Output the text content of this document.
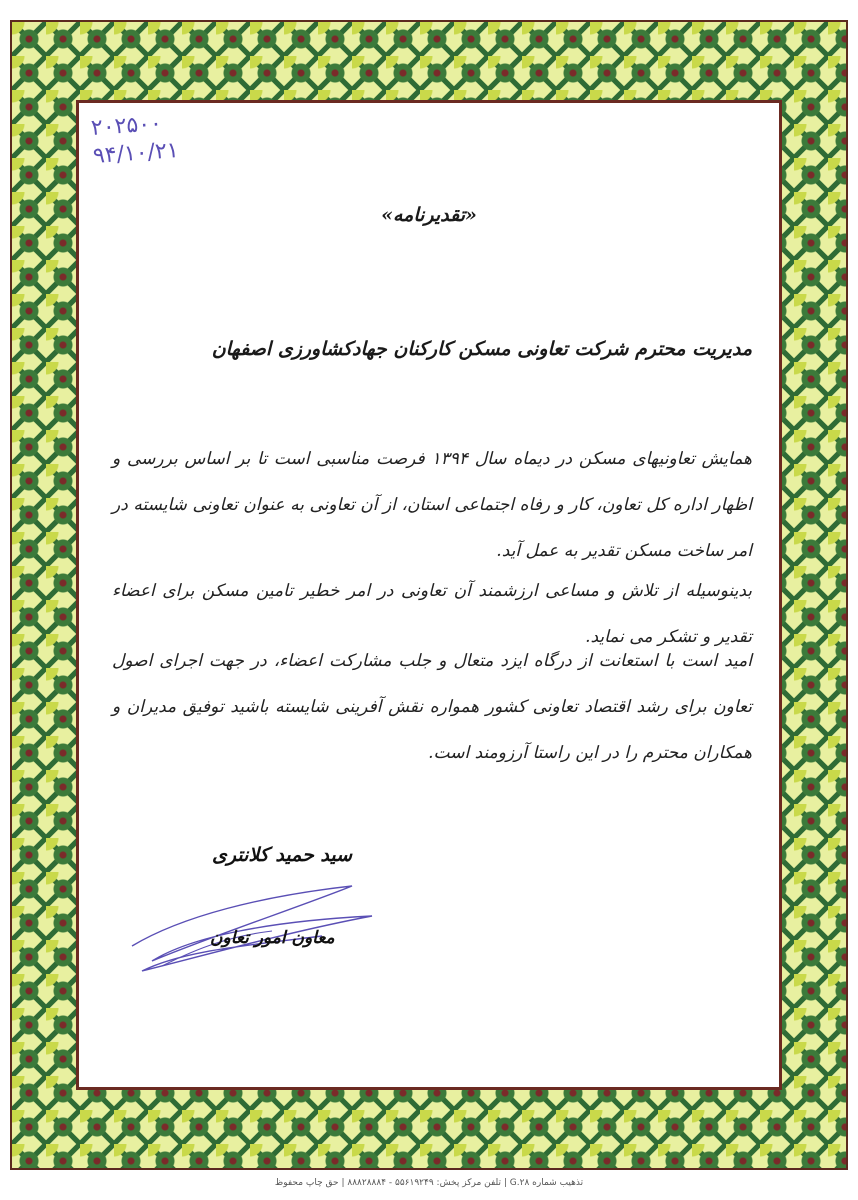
۲۰۲۵۰۰
۹۴/۱۰/۲۱
«تقدیرنامه»
مدیریت محترم شرکت تعاونی مسکن کارکنان جهادکشاورزی اصفهان
همایش تعاونیهای مسکن در دیماه سال ۱۳۹۴ فرصت مناسبی است تا بر اساس بررسی و اظهار اداره کل تعاون، کار و رفاه اجتماعی استان، از آن تعاونی به عنوان تعاونی شایسته در امر ساخت مسکن تقدیر به عمل آید.
بدینوسیله از تلاش و مساعی ارزشمند آن تعاونی در امر خطیر تامین مسکن برای اعضاء تقدیر و تشکر می نماید.
امید است با استعانت از درگاه ایزد متعال و جلب مشارکت اعضاء، در جهت اجرای اصول تعاون برای رشد اقتصاد تعاونی کشور همواره نقش آفرینی شایسته باشید توفیق مدیران و همکاران محترم را در این راستا آرزومند است.
سید حمید کلانتری
معاون امور تعاون
تذهیب شماره G.۲۸ | تلفن مرکز پخش: ۵۵۶۱۹۲۴۹ - ۸۸۸۲۸۸۸۴ | حق چاپ محفوظ
